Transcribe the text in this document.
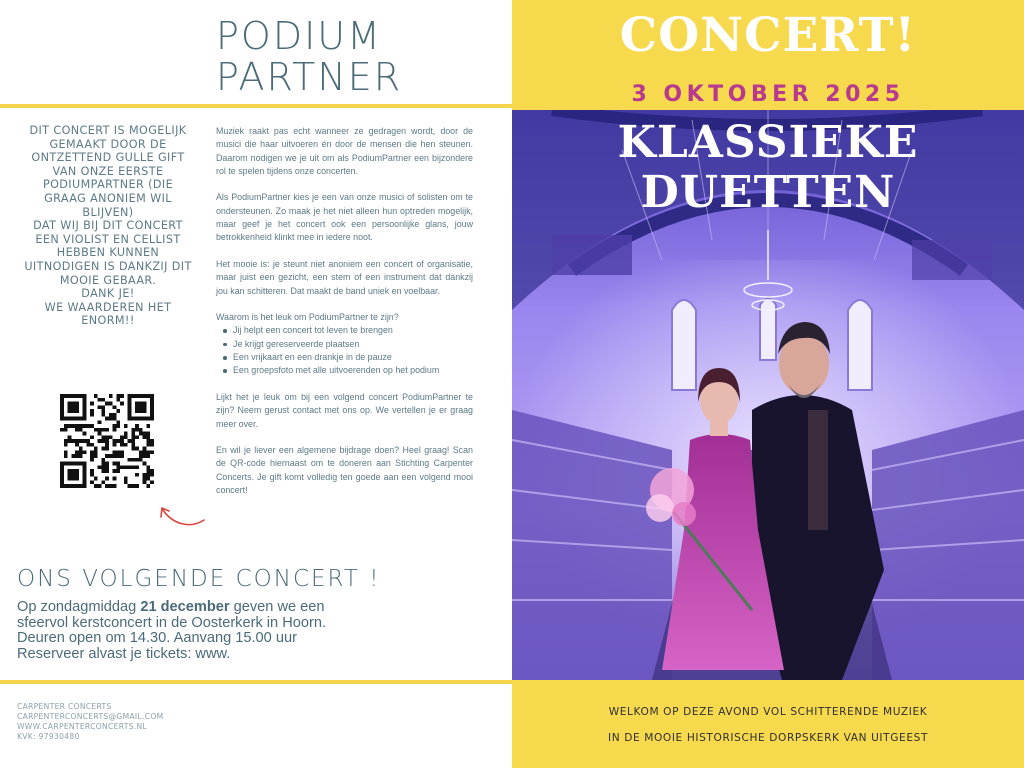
PODIUM
PARTNER
DIT CONCERT IS MOGELIJK
GEMAAKT DOOR DE
ONTZETTEND GULLE GIFT
VAN ONZE EERSTE
PODIUMPARTNER (DIE
GRAAG ANONIEM WIL
BLIJVEN)
DAT WIJ BIJ DIT CONCERT
EEN VIOLIST EN CELLIST
HEBBEN KUNNEN
UITNODIGEN IS DANKZIJ DIT
MOOIE GEBAAR.
DANK JE!
WE WAARDEREN HET
ENORM!!

Muziek raakt pas echt wanneer ze gedragen wordt, door de musici die haar uitvoeren én door de mensen die hen steunen. Daarom nodigen we je uit om als PodiumPartner een bijzondere rol te spelen tijdens onze concerten.

Als PodiumPartner kies je een van onze musici of solisten om te ondersteunen. Zo maak je het niet alleen hun optreden mogelijk, maar geef je het concert ook een persoonlijke glans, jouw betrokkenheid klinkt mee in iedere noot.

Het mooie is: je steunt niet anoniem een concert of organisatie, maar juist een gezicht, een stem of een instrument dat dankzij jou kan schitteren. Dat maakt de band uniek en voelbaar.

Waarom is het leuk om PodiumPartner te zijn?

Jij helpt een concert tot leven te brengen
Je krijgt gereserveerde plaatsen
Een vrijkaart en een drankje in de pauze
Een groepsfoto met alle uitvoerenden op het podium

Lijkt het je leuk om bij een volgend concert PodiumPartner te zijn? Neem gerust contact met ons op. We vertellen je er graag meer over.

En wil je liever een algemene bijdrage doen? Heel graag! Scan de QR-code hiernaast om te doneren aan Stichting Carpenter Concerts. Je gift komt volledig ten goede aan een volgend mooi concert!

ONS VOLGENDE CONCERT !
Op zondagmiddag 21 december geven we een
sfeervol kerstconcert in de Oosterkerk in Hoorn.
Deuren open om 14.30. Aanvang 15.00 uur
Reserveer alvast je tickets: www.
CARPENTER CONCERTS
CARPENTERCONCERTS@GMAIL.COM
WWW.CARPENTERCONCERTS.NL
KVK: 97930480
CONCERT!
3 OKTOBER 2025
KLASSIEKE
DUETTEN
WELKOM OP DEZE AVOND VOL SCHITTERENDE MUZIEK
IN DE MOOIE HISTORISCHE DORPSKERK VAN UITGEEST
